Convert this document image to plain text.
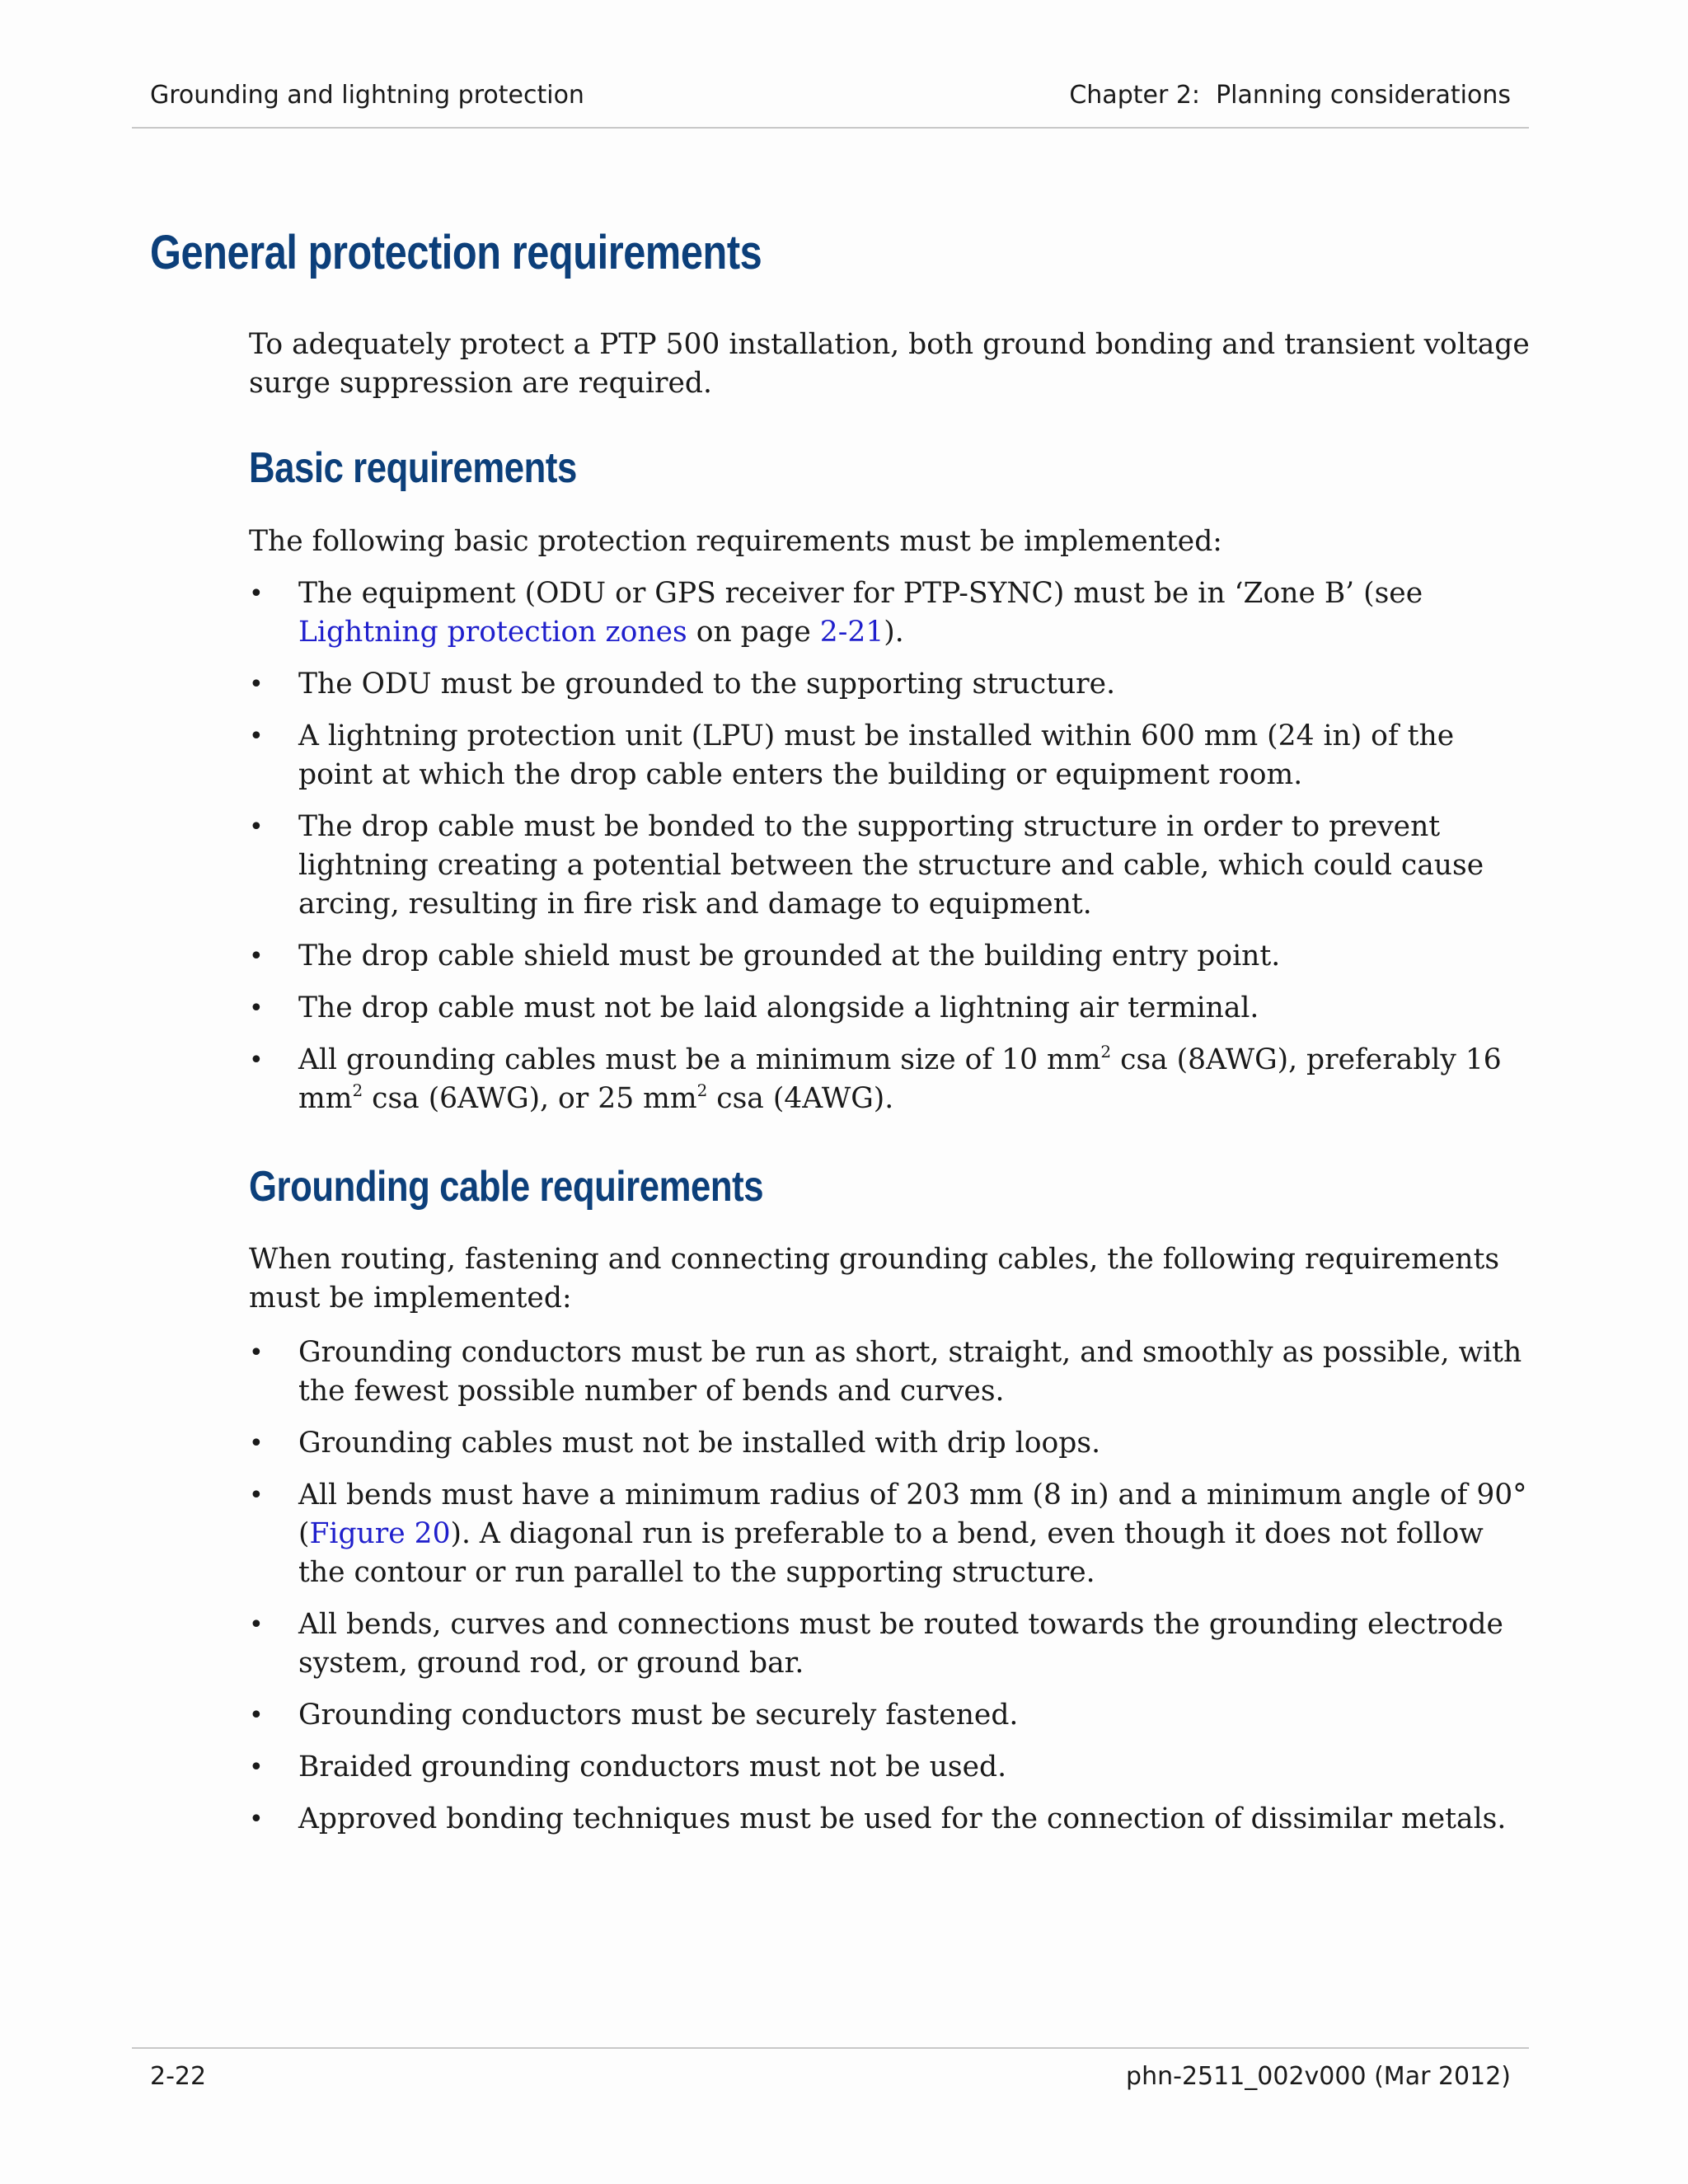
Grounding and lightning protection	Chapter 2:  Planning considerations
General protection requirements

To adequately protect a PTP 500 installation, both ground bonding and transient voltage surge suppression are required.

Basic requirements

The following basic protection requirements must be implemented:

•	The equipment (ODU or GPS receiver for PTP-SYNC) must be in ‘Zone B’ (see Lightning protection zones on page 2-21).
•	The ODU must be grounded to the supporting structure.
•	A lightning protection unit (LPU) must be installed within 600 mm (24 in) of the point at which the drop cable enters the building or equipment room.
•	The drop cable must be bonded to the supporting structure in order to prevent lightning creating a potential between the structure and cable, which could cause arcing, resulting in fire risk and damage to equipment.
•	The drop cable shield must be grounded at the building entry point.
•	The drop cable must not be laid alongside a lightning air terminal.
•	All grounding cables must be a minimum size of 10 $mm^2$ csa (8AWG), preferably 16 $mm^2$ csa (6AWG), or 25 $mm^2$ csa (4AWG).
Grounding cable requirements

When routing, fastening and connecting grounding cables, the following requirements must be implemented:

•	Grounding conductors must be run as short, straight, and smoothly as possible, with the fewest possible number of bends and curves.
•	Grounding cables must not be installed with drip loops.
•	All bends must have a minimum radius of 203 mm (8 in) and a minimum angle of 90° (Figure 20). A diagonal run is preferable to a bend, even though it does not follow the contour or run parallel to the supporting structure.
•	All bends, curves and connections must be routed towards the grounding electrode system, ground rod, or ground bar.
•	Grounding conductors must be securely fastened.
•	Braided grounding conductors must not be used.
•	Approved bonding techniques must be used for the connection of dissimilar metals.
2-22	phn-2511_002v000 (Mar 2012)
